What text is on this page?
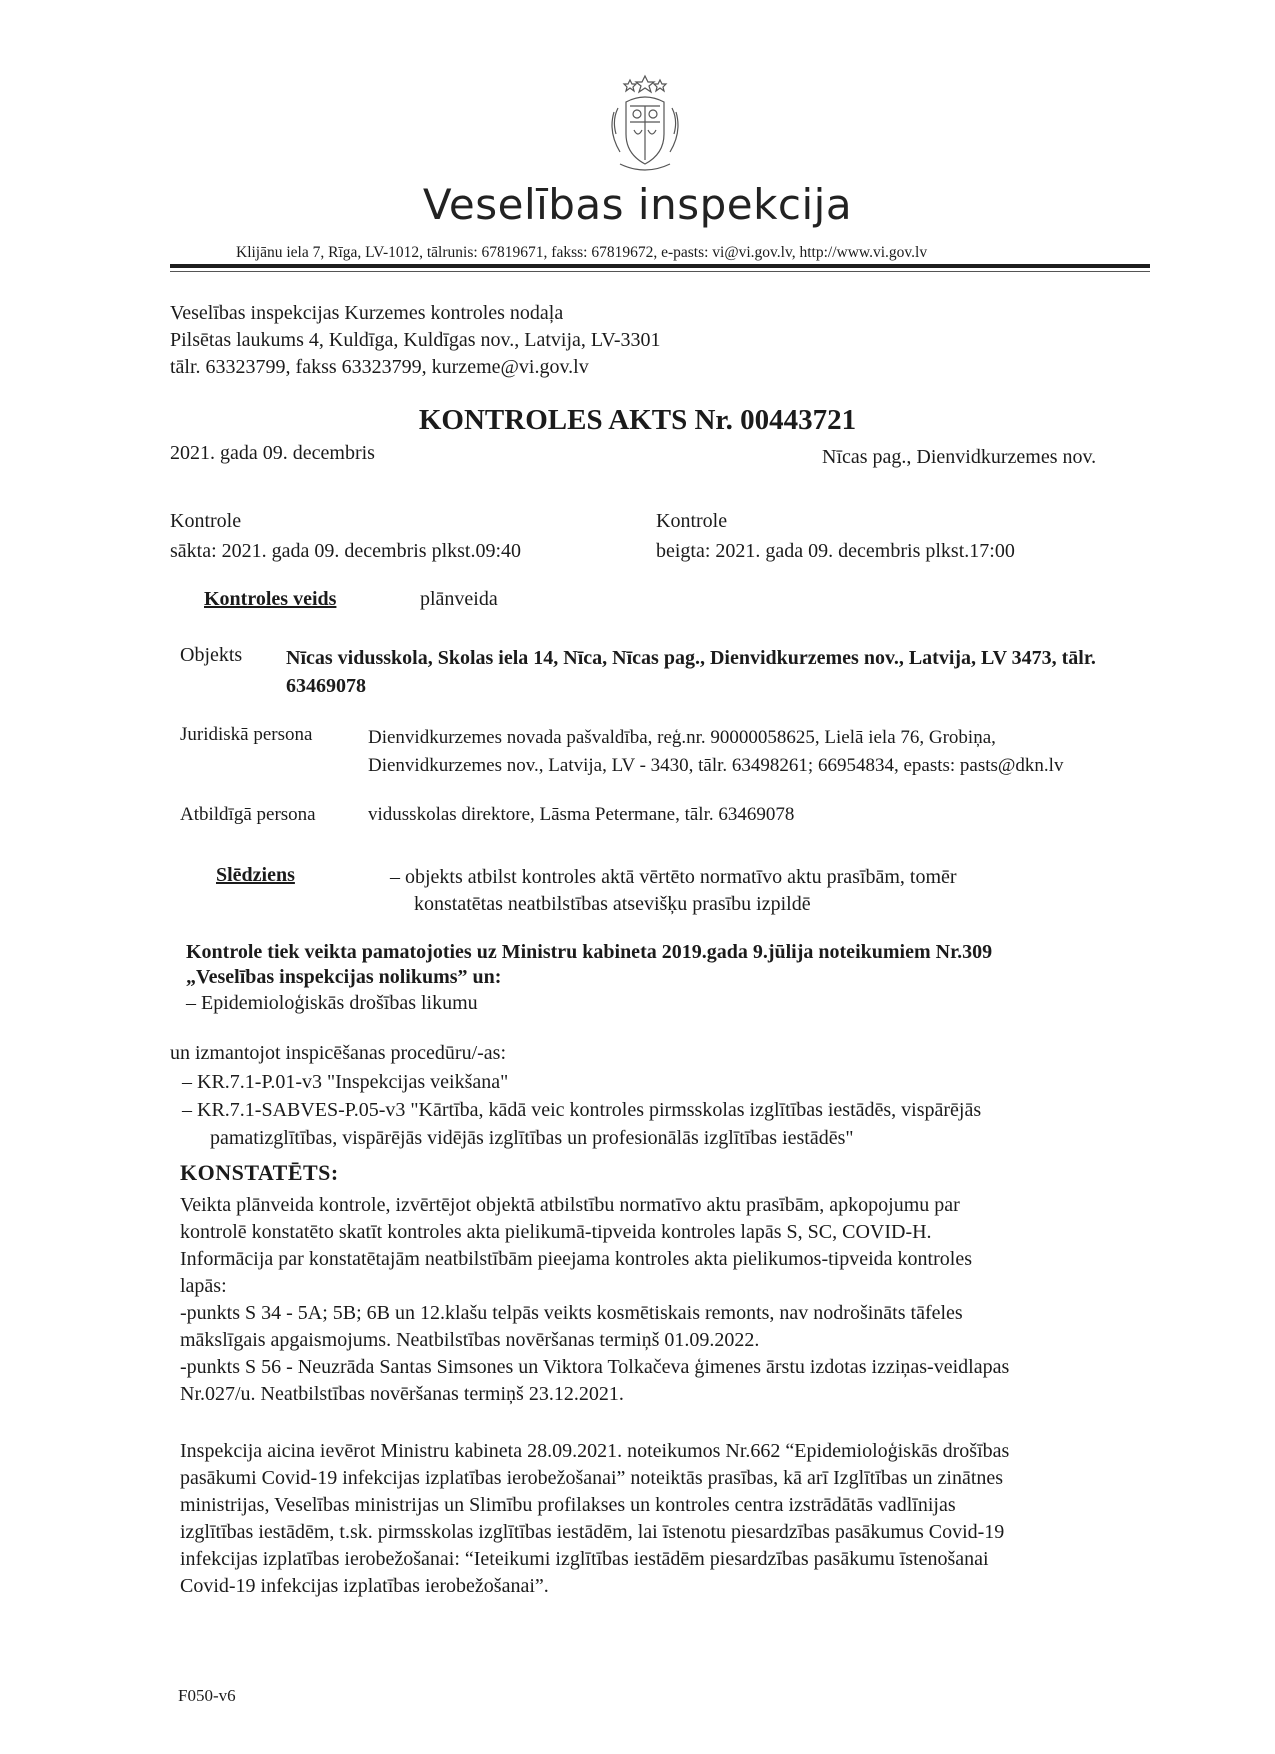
Veselības inspekcija
Klijānu iela 7, Rīga, LV-1012, tālrunis: 67819671, fakss: 67819672, e-pasts: vi@vi.gov.lv, http://www.vi.gov.lv
Veselības inspekcijas Kurzemes kontroles nodaļa
Pilsētas laukums 4, Kuldīga, Kuldīgas nov., Latvija, LV-3301
tālr. 63323799, fakss 63323799, kurzeme@vi.gov.lv
KONTROLES AKTS Nr. 00443721
2021. gada 09. decembris	Nīcas pag., Dienvidkurzemes nov.
Kontrole
sākta: 2021. gada 09. decembris plkst.09:40
Kontrole
beigta: 2021. gada 09. decembris plkst.17:00
Kontroles veids	plānveida
Objekts Nīcas vidusskola, Skolas iela 14, Nīca, Nīcas pag., Dienvidkurzemes nov., Latvija, LV 3473, tālr. 63469078
Juridiskā persona	Dienvidkurzemes novada pašvaldība, reģ.nr. 90000058625, Lielā iela 76, Grobiņa,
Dienvidkurzemes nov., Latvija, LV - 3430, tālr. 63498261; 66954834, epasts: pasts@dkn.lv
Atbildīgā persona	vidusskolas direktore, Lāsma Petermane, tālr. 63469078
Slēdziens	– objekts atbilst kontroles aktā vērtēto normatīvo aktu prasībām, tomēr
konstatētas neatbilstības atsevišķu prasību izpildē
Kontrole tiek veikta pamatojoties uz Ministru kabineta 2019.gada 9.jūlija noteikumiem Nr.309
„Veselības inspekcijas nolikums” un:
– Epidemioloģiskās drošības likumu
un izmantojot inspicēšanas procedūru/-as:
– KR.7.1-P.01-v3 "Inspekcijas veikšana"
– KR.7.1-SABVES-P.05-v3 "Kārtība, kādā veic kontroles pirmsskolas izglītības iestādēs, vispārējās
pamatizglītības, vispārējās vidējās izglītības un profesionālās izglītības iestādēs"
KONSTATĒTS:
Veikta plānveida kontrole, izvērtējot objektā atbilstību normatīvo aktu prasībām, apkopojumu par
kontrolē konstatēto skatīt kontroles akta pielikumā-tipveida kontroles lapās S, SC, COVID-H.
Informācija par konstatētajām neatbilstībām pieejama kontroles akta pielikumos-tipveida kontroles
lapās:
-punkts S 34 - 5A; 5B; 6B un 12.klašu telpās veikts kosmētiskais remonts, nav nodrošināts tāfeles
mākslīgais apgaismojums. Neatbilstības novēršanas termiņš 01.09.2022.
-punkts S 56 - Neuzrāda Santas Simsones un Viktora Tolkačeva ģimenes ārstu izdotas izziņas-veidlapas
Nr.027/u. Neatbilstības novēršanas termiņš 23.12.2021.
Inspekcija aicina ievērot Ministru kabineta 28.09.2021. noteikumos Nr.662 “Epidemioloģiskās drošības
pasākumi Covid-19 infekcijas izplatības ierobežošanai” noteiktās prasības, kā arī Izglītības un zinātnes
ministrijas, Veselības ministrijas un Slimību profilakses un kontroles centra izstrādātās vadlīnijas
izglītības iestādēm, t.sk. pirmsskolas izglītības iestādēm, lai īstenotu piesardzības pasākumus Covid-19
infekcijas izplatības ierobežošanai: “Ieteikumi izglītības iestādēm piesardzības pasākumu īstenošanai
Covid-19 infekcijas izplatības ierobežošanai”.
F050-v6
